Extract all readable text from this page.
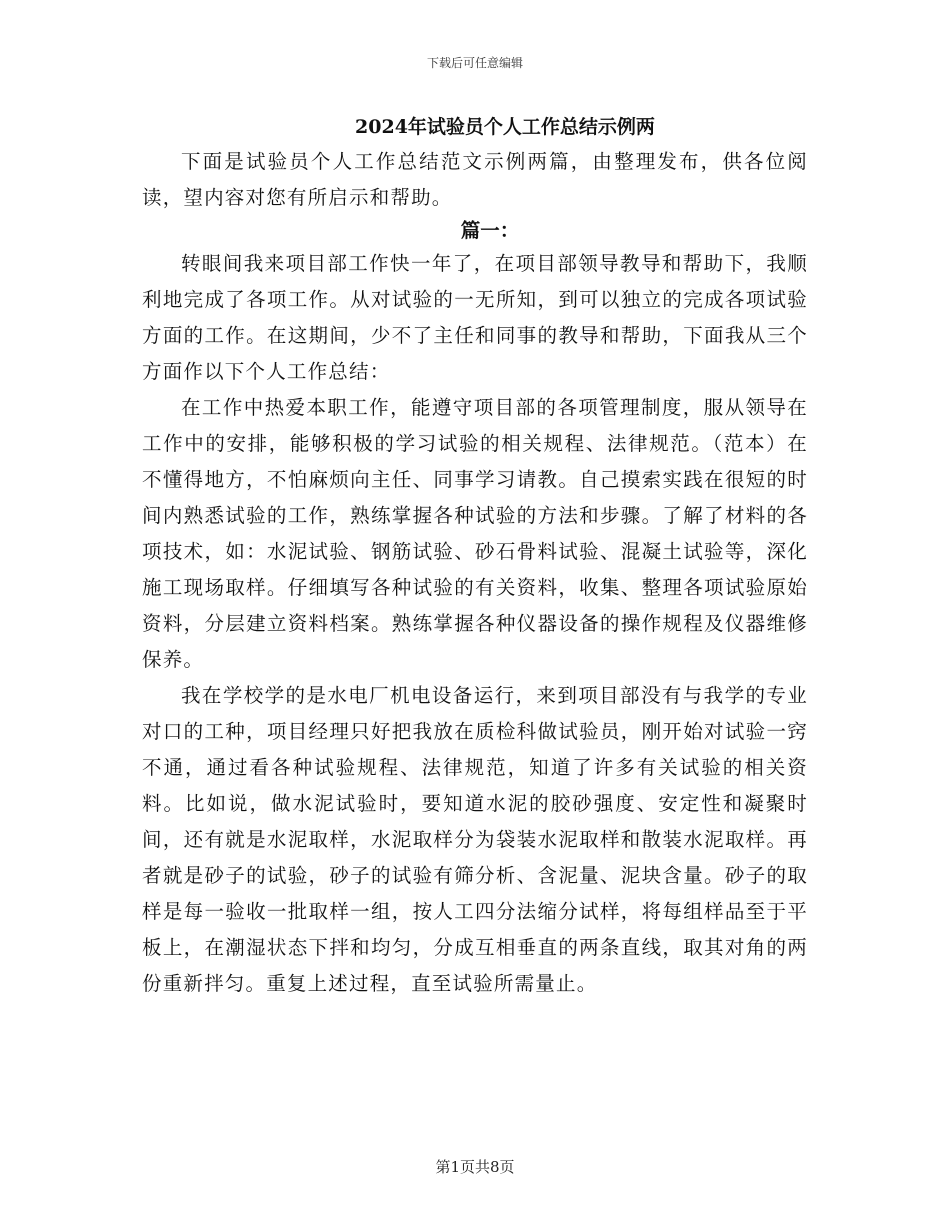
下载后可任意编辑
2024年试验员个人工作总结示例两

下面是试验员个人工作总结范文示例两篇，由整理发布，供各位阅读，望内容对您有所启示和帮助。

篇一：

转眼间我来项目部工作快一年了，在项目部领导教导和帮助下，我顺利地完成了各项工作。从对试验的一无所知，到可以独立的完成各项试验方面的工作。在这期间，少不了主任和同事的教导和帮助，下面我从三个方面作以下个人工作总结：

在工作中热爱本职工作，能遵守项目部的各项管理制度，服从领导在工作中的安排，能够积极的学习试验的相关规程、法律规范。（范本）在不懂得地方，不怕麻烦向主任、同事学习请教。自己摸索实践在很短的时间内熟悉试验的工作，熟练掌握各种试验的方法和步骤。了解了材料的各项技术，如：水泥试验、钢筋试验、砂石骨料试验、混凝土试验等，深化施工现场取样。仔细填写各种试验的有关资料，收集、整理各项试验原始资料，分层建立资料档案。熟练掌握各种仪器设备的操作规程及仪器维修保养。

我在学校学的是水电厂机电设备运行，来到项目部没有与我学的专业对口的工种，项目经理只好把我放在质检科做试验员，刚开始对试验一窍不通，通过看各种试验规程、法律规范，知道了许多有关试验的相关资料。比如说，做水泥试验时，要知道水泥的胶砂强度、安定性和凝聚时间，还有就是水泥取样，水泥取样分为袋装水泥取样和散装水泥取样。再者就是砂子的试验，砂子的试验有筛分析、含泥量、泥块含量。砂子的取样是每一验收一批取样一组，按人工四分法缩分试样，将每组样品至于平板上，在潮湿状态下拌和均匀，分成互相垂直的两条直线，取其对角的两份重新拌匀。重复上述过程，直至试验所需量止。

第1页共8页
